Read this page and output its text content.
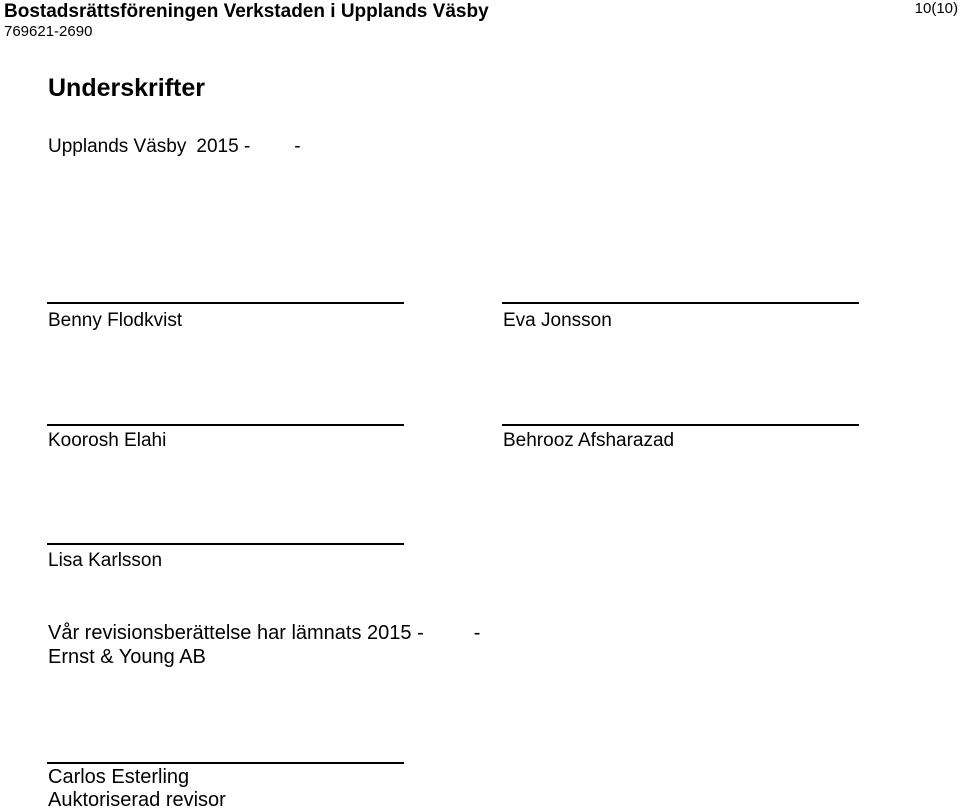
Bostadsrättsföreningen Verkstaden i Upplands Väsby
769621-2690
10(10)
Underskrifter
Upplands Väsby 2015 - -
Benny Flodkvist	Eva Jonsson
Koorosh Elahi	Behrooz Afsharazad
Lisa Karlsson
Vår revisionsberättelse har lämnats 2015 -	-
Ernst & Young AB
Carlos Esterling
Auktoriserad revisor
